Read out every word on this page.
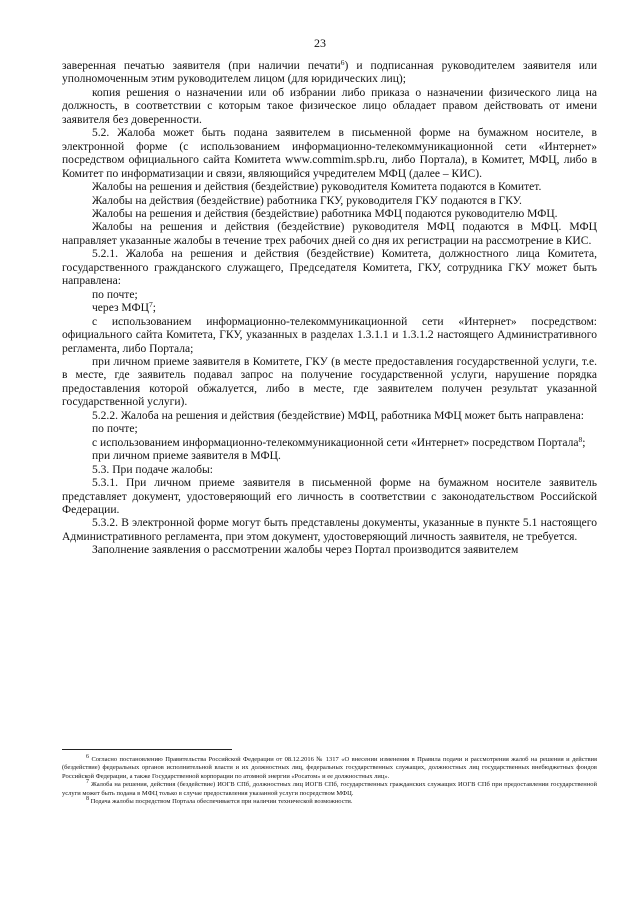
23

заверенная печатью заявителя (при наличии печати$^6$) и подписанная руководителем заявителя или уполномоченным этим руководителем лицом (для юридических лиц);

копия решения о назначении или об избрании либо приказа о назначении физического лица на должность, в соответствии с которым такое физическое лицо обладает правом действовать от имени заявителя без доверенности.

5.2. Жалоба может быть подана заявителем в письменной форме на бумажном носителе, в электронной форме (с использованием информационно-телекоммуникационной сети «Интернет» посредством официального сайта Комитета www.commim.spb.ru, либо Портала), в Комитет, МФЦ, либо в Комитет по информатизации и связи, являющийся учредителем МФЦ (далее – КИС).

Жалобы на решения и действия (бездействие) руководителя Комитета подаются в Комитет.

Жалобы на действия (бездействие) работника ГКУ, руководителя ГКУ подаются в ГКУ.

Жалобы на решения и действия (бездействие) работника МФЦ подаются руководителю МФЦ.

Жалобы на решения и действия (бездействие) руководителя МФЦ подаются в МФЦ. МФЦ направляет указанные жалобы в течение трех рабочих дней со дня их регистрации на рассмотрение в КИС.

5.2.1. Жалоба на решения и действия (бездействие) Комитета, должностного лица Комитета, государственного гражданского служащего, Председателя Комитета, ГКУ, сотрудника ГКУ может быть направлена:

по почте;

через МФЦ$^7$;

с использованием информационно-телекоммуникационной сети «Интернет» посредством: официального сайта Комитета, ГКУ, указанных в разделах 1.3.1.1 и 1.3.1.2 настоящего Административного регламента, либо Портала;

при личном приеме заявителя в Комитете, ГКУ (в месте предоставления государственной услуги, т.е. в месте, где заявитель подавал запрос на получение государственной услуги, нарушение порядка предоставления которой обжалуется, либо в месте, где заявителем получен результат указанной государственной услуги).

5.2.2. Жалоба на решения и действия (бездействие) МФЦ, работника МФЦ может быть направлена:

по почте;

с использованием информационно-телекоммуникационной сети «Интернет» посредством Портала$^8$;

при личном приеме заявителя в МФЦ.

5.3. При подаче жалобы:

5.3.1. При личном приеме заявителя в письменной форме на бумажном носителе заявитель представляет документ, удостоверяющий его личность в соответствии с законодательством Российской Федерации.

5.3.2. В электронной форме могут быть представлены документы, указанные в пункте 5.1 настоящего Административного регламента, при этом документ, удостоверяющий личность заявителя, не требуется.

Заполнение заявления о рассмотрении жалобы через Портал производится заявителем

$^6$ Согласно постановлению Правительства Российской Федерации от 08.12.2016 № 1317 «О внесении изменения в Правила подачи и рассмотрения жалоб на решения и действия (бездействие) федеральных органов исполнительной власти и их должностных лиц, федеральных государственных служащих, должностных лиц государственных внебюджетных фондов Российской Федерации, а также Государственной корпорации по атомной энергии «Росатом» и ее должностных лиц».

$^7$ Жалоба на решения, действия (бездействие) ИОГВ СПб, должностных лиц ИОГВ СПб, государственных гражданских служащих ИОГВ СПб при предоставлении государственной услуги может быть подана в МФЦ только в случае предоставления указанной услуги посредством МФЦ.

$^8$ Подача жалобы посредством Портала обеспечивается при наличии технической возможности.
